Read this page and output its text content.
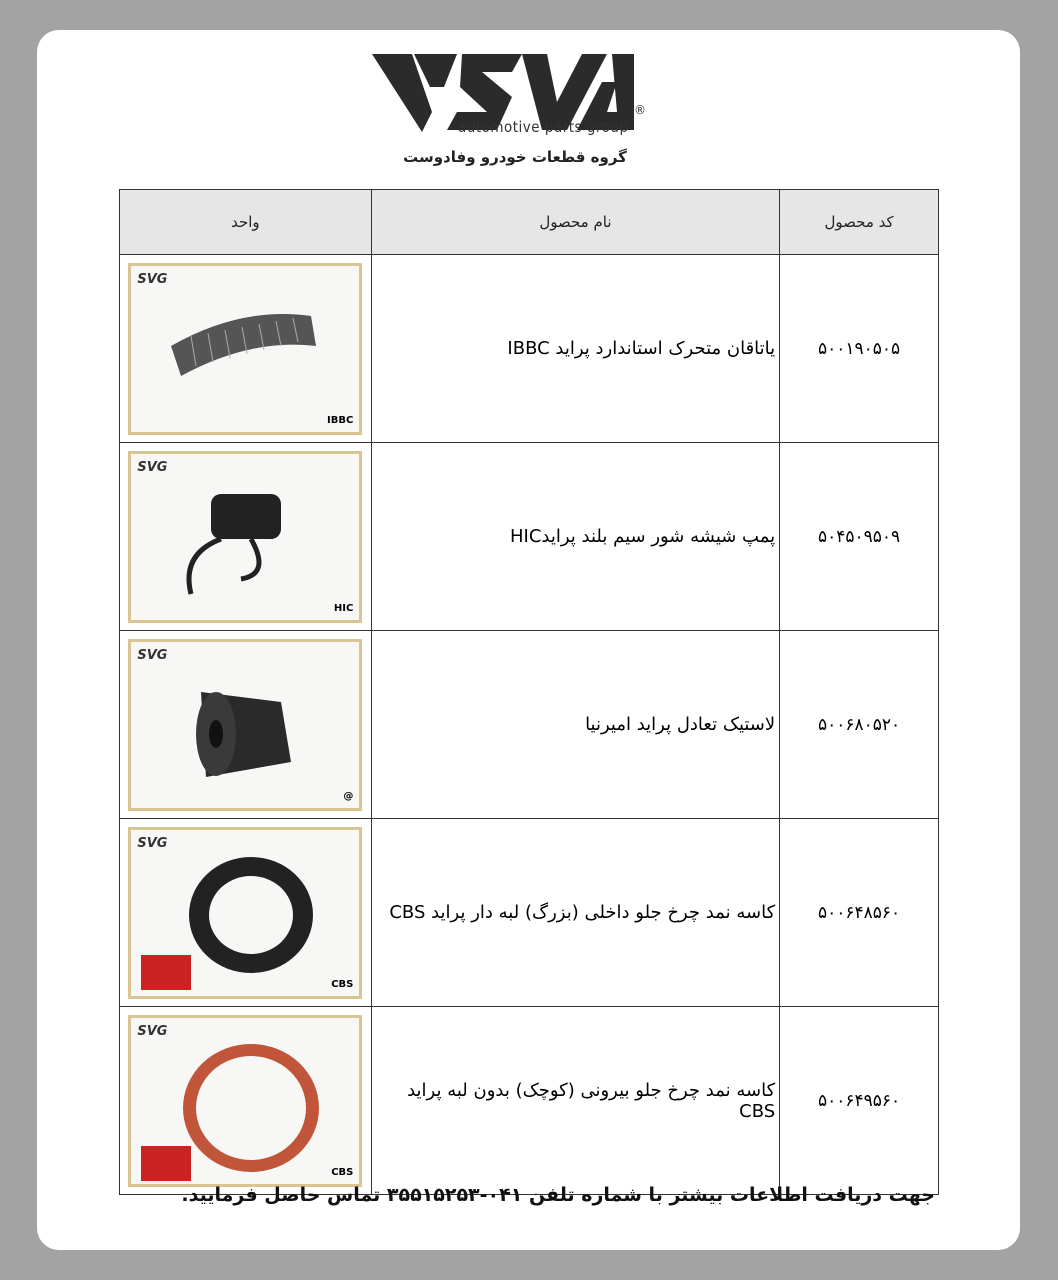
®
automotive parts group
گروه قطعات خودرو وفادوست
کد محصول	نام محصول	واحد
۵۰۰۱۹۰۵۰۵	یاتاقان متحرک استاندارد پراید IBBC	SVG
IBBC

۵۰۴۵۰۹۵۰۹	پمپ شیشه شور سیم بلند پرایدHIC	SVG
HIC

۵۰۰۶۸۰۵۲۰	لاستیک تعادل پراید امیرنیا	SVG
@

۵۰۰۶۴۸۵۶۰	کاسه نمد چرخ جلو داخلی (بزرگ) لبه دار پراید CBS	SVG
CBS

۵۰۰۶۴۹۵۶۰	کاسه نمد چرخ جلو بیرونی (کوچک) بدون لبه پراید CBS	SVG
CBS
جهت دریافت اطلاعات بیشتر با شماره تلفن ۰۴۱-۳۵۵۱۵۲۵۳ تماس حاصل فرمایید.
